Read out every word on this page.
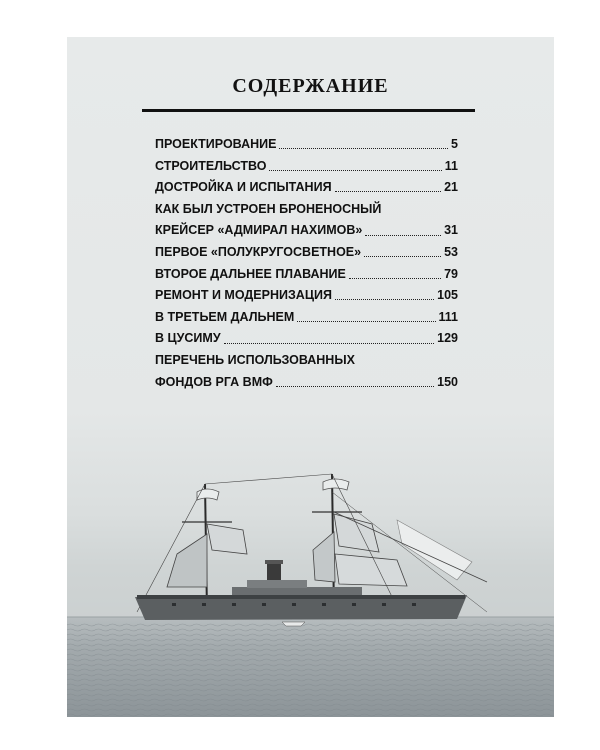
СОДЕРЖАНИЕ
ПРОЕКТИРОВАНИЕ	5
СТРОИТЕЛЬСТВО	11
ДОСТРОЙКА И ИСПЫТАНИЯ	21
КАК БЫЛ УСТРОЕН БРОНЕНОСНЫЙ
КРЕЙСЕР «АДМИРАЛ НАХИМОВ»	31
ПЕРВОЕ «ПОЛУКРУГОСВЕТНОЕ»	53
ВТОРОЕ ДАЛЬНЕЕ ПЛАВАНИЕ	79
РЕМОНТ И МОДЕРНИЗАЦИЯ	105
В ТРЕТЬЕМ ДАЛЬНЕМ	111
В ЦУСИМУ	129
ПЕРЕЧЕНЬ ИСПОЛЬЗОВАННЫХ
ФОНДОВ РГА ВМФ	150
